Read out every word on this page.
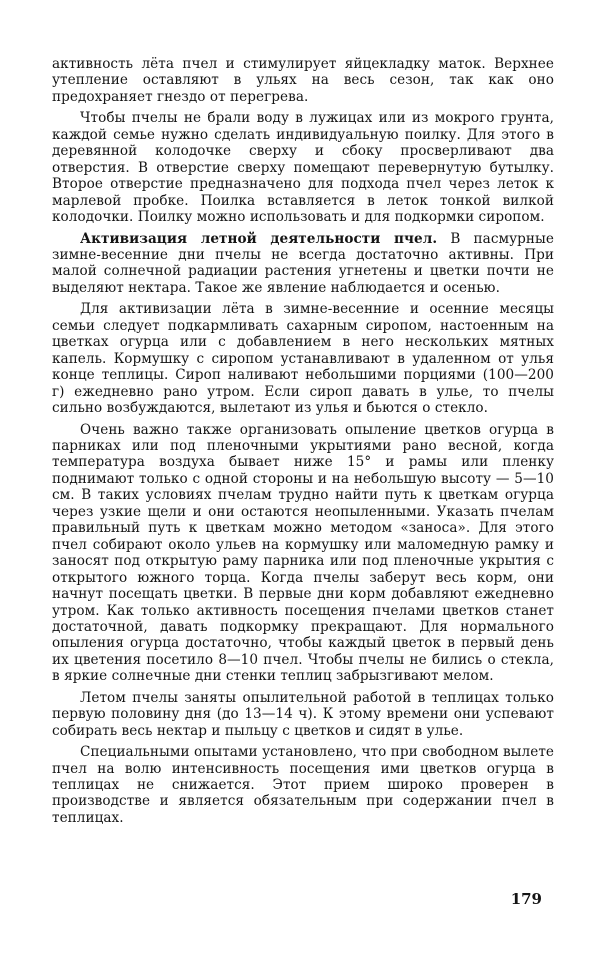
активность лёта пчел и стимулирует яйцекладку маток. Верхнее утепление оставляют в ульях на весь сезон, так как оно предохраняет гнездо от перегрева.

Чтобы пчелы не брали воду в лужицах или из мокрого грунта, каждой семье нужно сделать индивидуальную поилку. Для этого в деревянной колодочке сверху и сбоку просверливают два отверстия. В отверстие сверху помещают перевернутую бутылку. Второе отверстие предназначено для подхода пчел через леток к марлевой пробке. Поилка вставляется в леток тонкой вилкой колодочки. Поилку можно использовать и для подкормки сиропом.

Активизация летной деятельности пчел. В пасмурные зимне-весенние дни пчелы не всегда достаточно активны. При малой солнечной радиации растения угнетены и цветки почти не выделяют нектара. Такое же явление наблюдается и осенью.

Для активизации лёта в зимне-весенние и осенние месяцы семьи следует подкармливать сахарным сиропом, настоенным на цветках огурца или с добавлением в него нескольких мятных капель. Кормушку с сиропом устанавливают в удаленном от улья конце теплицы. Сироп наливают небольшими порциями (100—200 г) ежедневно рано утром. Если сироп давать в улье, то пчелы сильно возбуждаются, вылетают из улья и бьются о стекло.

Очень важно также организовать опыление цветков огурца в парниках или под пленочными укрытиями рано весной, когда температура воздуха бывает ниже 15° и рамы или пленку поднимают только с одной стороны и на небольшую высоту — 5—10 см. В таких условиях пчелам трудно найти путь к цветкам огурца через узкие щели и они остаются неопыленными. Указать пчелам правильный путь к цветкам можно методом «заноса». Для этого пчел собирают около ульев на кормушку или маломедную рамку и заносят под открытую раму парника или под пленочные укрытия с открытого южного торца. Когда пчелы заберут весь корм, они начнут посещать цветки. В первые дни корм добавляют ежедневно утром. Как только активность посещения пчелами цветков станет достаточной, давать подкормку прекращают. Для нормального опыления огурца достаточно, чтобы каждый цветок в первый день их цветения посетило 8—10 пчел. Чтобы пчелы не бились о стекла, в яркие солнечные дни стенки теплиц забрызгивают мелом.

Летом пчелы заняты опылительной работой в теплицах только первую половину дня (до 13—14 ч). К этому времени они успевают собирать весь нектар и пыльцу с цветков и сидят в улье.

Специальными опытами установлено, что при свободном вылете пчел на волю интенсивность посещения ими цветков огурца в теплицах не снижается. Этот прием широко проверен в производстве и является обязательным при содержании пчел в теплицах.

179
